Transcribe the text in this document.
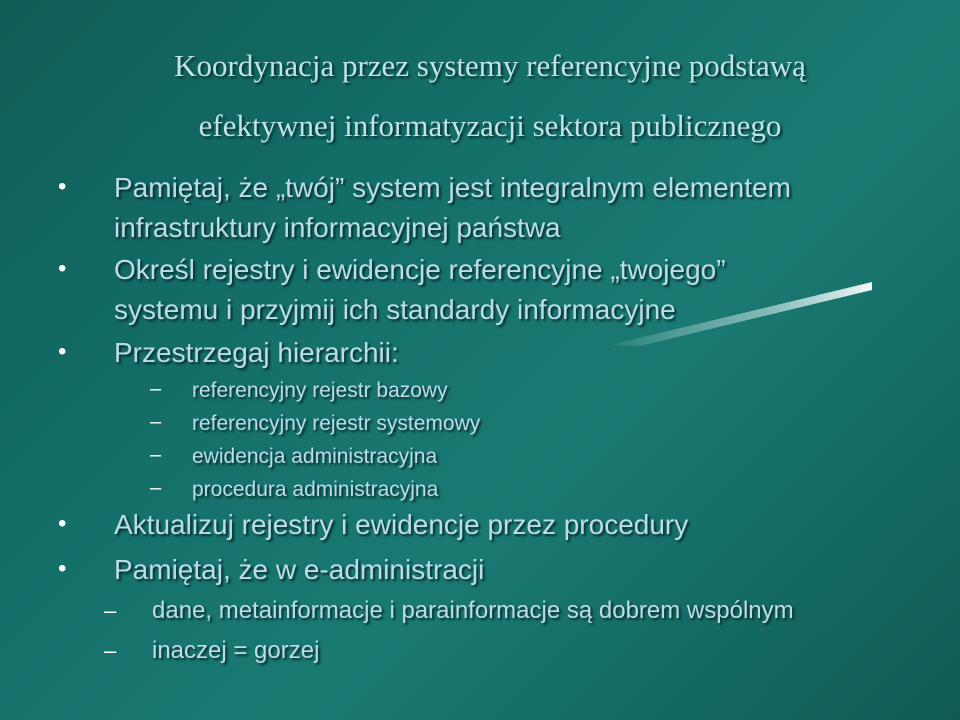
Koordynacja przez systemy referencyjne podstawą
efektywnej informatyzacji sektora publicznego
• Pamiętaj, że „twój” system jest integralnym elementem
infrastruktury informacyjnej państwa
• Określ rejestry i ewidencje referencyjne „twojego”
systemu i przyjmij ich standardy informacyjne
• Przestrzegaj hierarchii:
– referencyjny rejestr bazowy
– referencyjny rejestr systemowy
– ewidencja administracyjna
– procedura administracyjna
• Aktualizuj rejestry i ewidencje przez procedury
• Pamiętaj, że w e-administracji
– dane, metainformacje i parainformacje są dobrem wspólnym
– inaczej = gorzej
